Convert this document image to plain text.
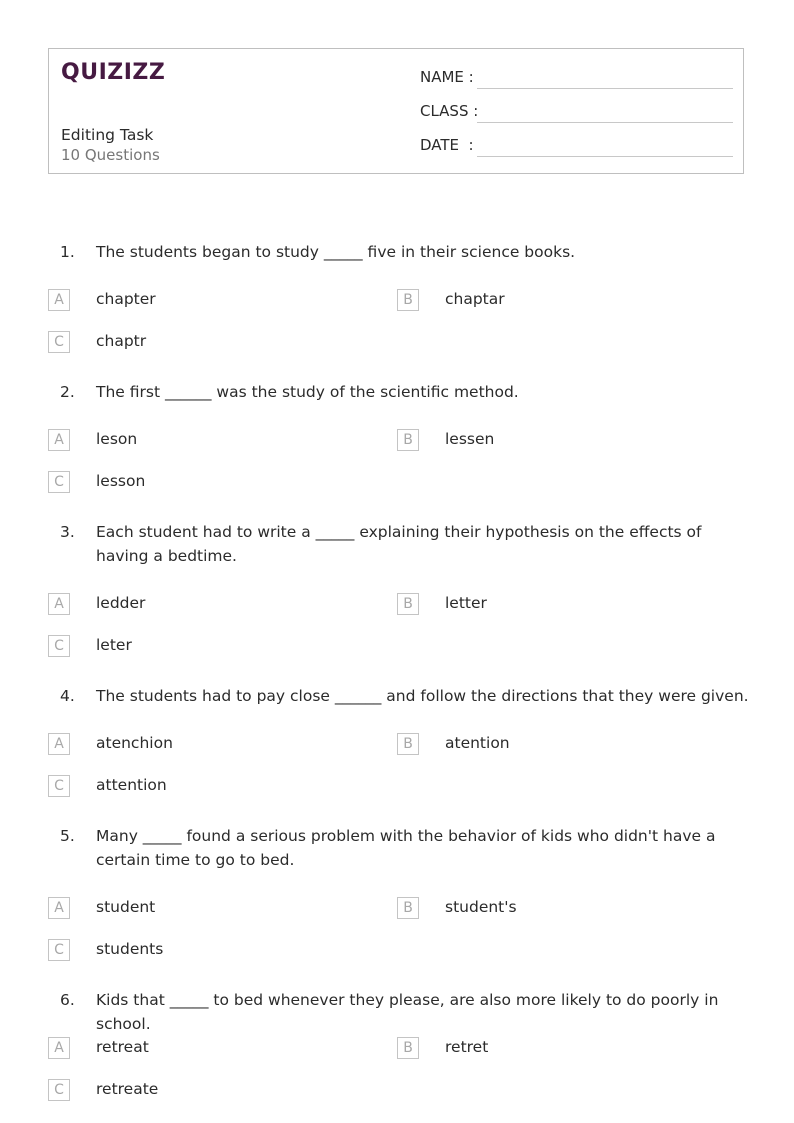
QUIZIZZ
Editing Task
10 Questions
NAME :
CLASS :
DATE  :
1. The students began to study _____ five in their science books.
A	chapter	B	chaptar
C	chaptr
2. The first ______ was the study of the scientific method.
A	leson	B	lessen
C	lesson
3. Each student had to write a _____ explaining their hypothesis on the effects of having a bedtime.
A	ledder	B	letter
C	leter
4. The students had to pay close ______ and follow the directions that they were given.
A	atenchion	B	atention
C	attention
5. Many _____ found a serious problem with the behavior of kids who didn't have a certain time to go to bed.
A	student	B	student's
C	students
6. Kids that _____ to bed whenever they please, are also more likely to do poorly in school.
A	retreat	B	retret
C	retreate
